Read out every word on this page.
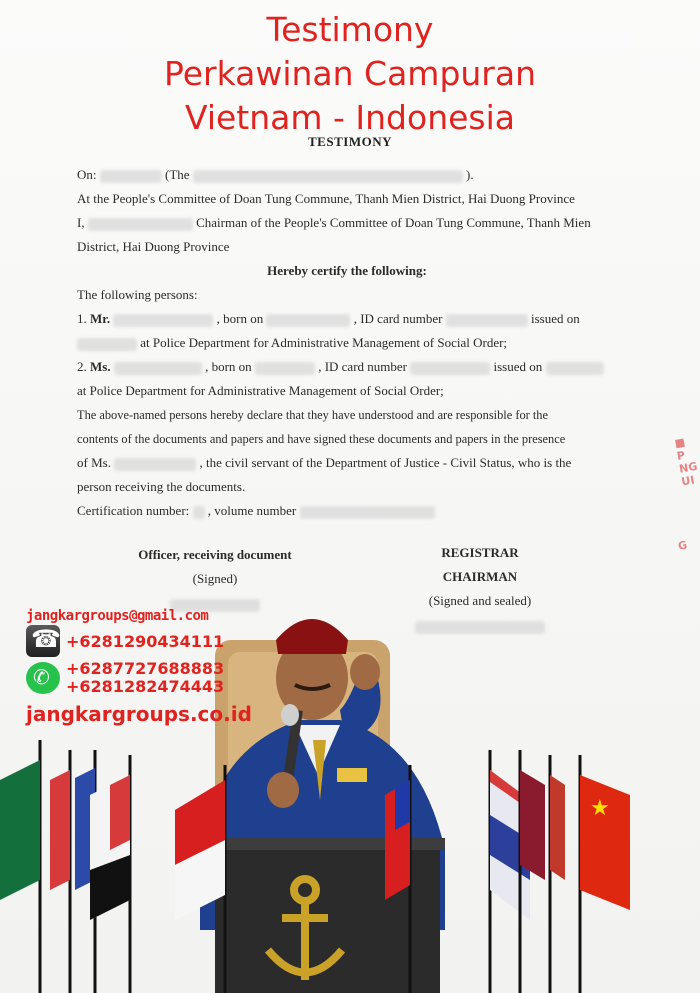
Testimony
Perkawinan Campuran
Vietnam - Indonesia
TESTIMONY
On:	(The	).
At the People's Committee of Doan Tung Commune, Thanh Mien District, Hai Duong Province
I,	Chairman of the People's Committee of Doan Tung Commune, Thanh Mien
District, Hai Duong Province
Hereby certify the following:
The following persons:
1. Mr.	, born on	, ID card number	issued on
at Police Department for Administrative Management of Social Order;
2. Ms.	, born on	, ID card number	issued on
at Police Department for Administrative Management of Social Order;
The above-named persons hereby declare that they have understood and are responsible for the
contents of the documents and papers and have signed these documents and papers in the presence
of Ms.	, the civil servant of the Department of Justice - Civil Status, who is the
person receiving the documents.
Certification number: , volume number
Officer, receiving document
(Signed)
REGISTRAR
CHAIRMAN
(Signed and sealed)
■
P
NG
UI
G
★
jangkargroups@gmail.com
☎
+6281290434111
✆
+6287727688883
+6281282474443
jangkargroups.co.id
